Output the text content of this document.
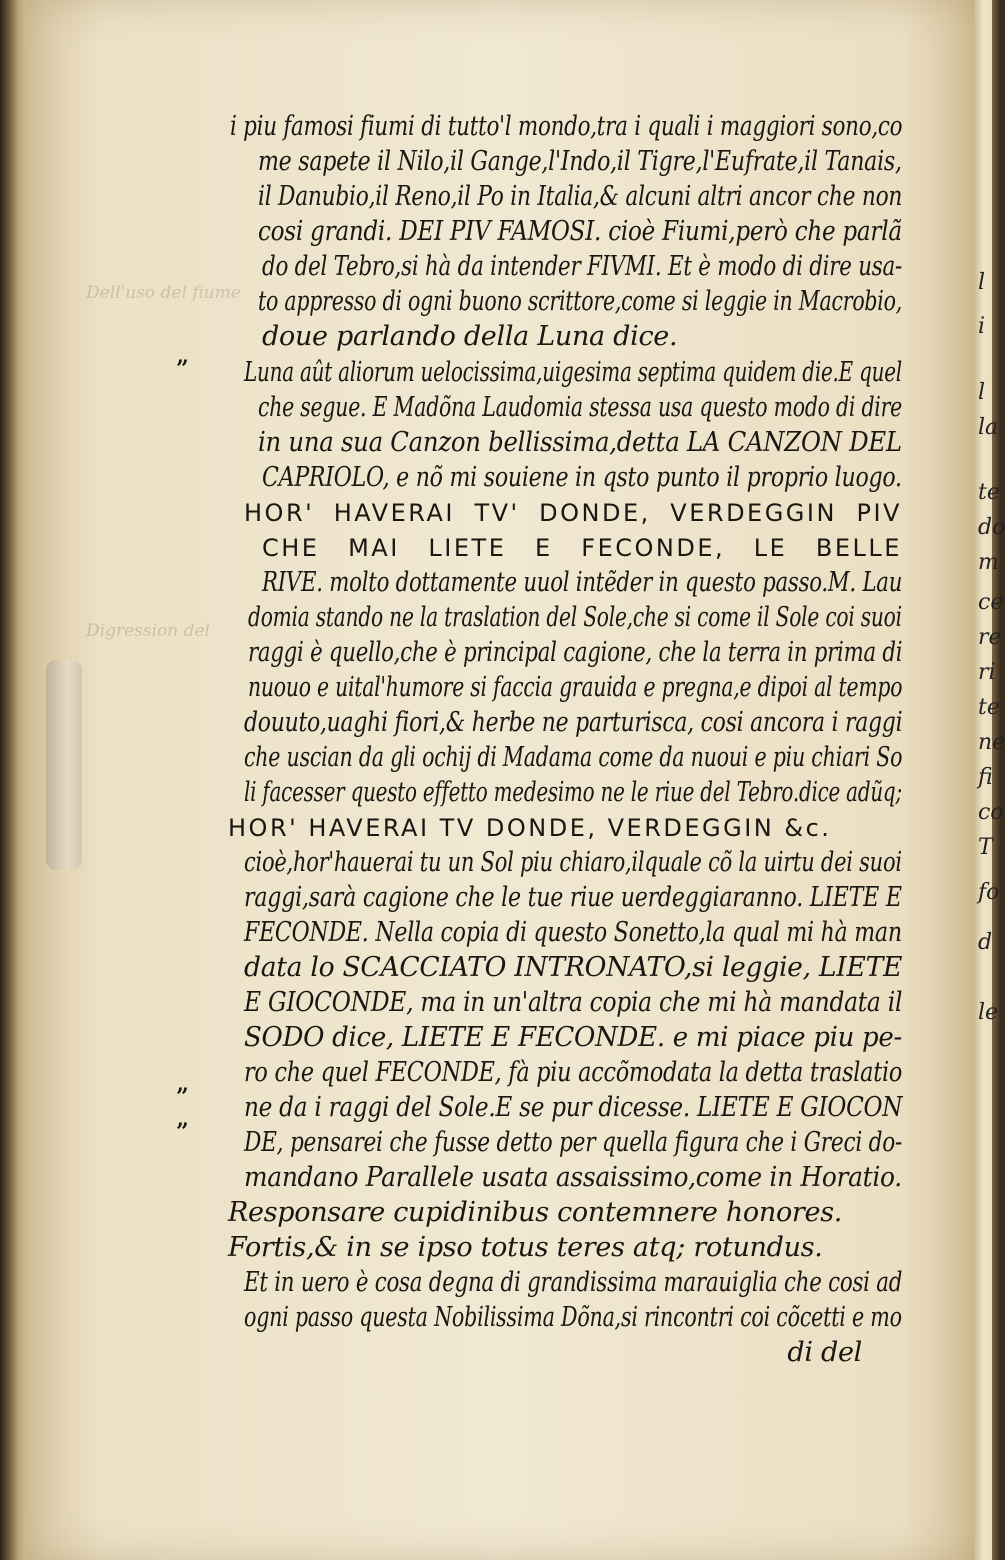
l
i
l
la
te
do
m
ce
re
ri
te
ne
fi
co
T
fo
d
le
Dell'uso del fiume
Digression del
”
”
”
i piu famosi fiumi di tutto'l mondo,tra i quali i maggiori sono,co
me sapete il Nilo,il Gange,l'Indo,il Tigre,l'Eufrate,il Tanais,
il Danubio,il Reno,il Po in Italia,& alcuni altri ancor che non
cosi grandi. DEI PIV FAMOSI. cioè Fiumi,però che parlã
do del Tebro,si hà da intender FIVMI. Et è modo di dire usa-
to appresso di ogni buono scrittore,come si leggie in Macrobio,
doue parlando della Luna dice.
Luna aût aliorum uelocissima,uigesima septima quidem die.E quel
che segue. E Madõna Laudomia stessa usa questo modo di dire
in una sua Canzon bellissima,detta LA CANZON DEL
CAPRIOLO, e nõ mi souiene in qsto punto il proprio luogo.
HOR' HAVERAI TV' DONDE, VERDEGGIN PIV
CHE MAI LIETE E FECONDE, LE BELLE
RIVE. molto dottamente uuol intẽder in questo passo.M. Lau
domia stando ne la traslation del Sole,che si come il Sole coi suoi
raggi è quello,che è principal cagione, che la terra in prima di
nuouo e uital'humore si faccia grauida e pregna,e dipoi al tempo
douuto,uaghi fiori,& herbe ne parturisca, cosi ancora i raggi
che uscian da gli ochij di Madama come da nuoui e piu chiari So
li facesser questo effetto medesimo ne le riue del Tebro.dice adũq;
HOR' HAVERAI TV DONDE, VERDEGGIN &c.
cioè,hor'hauerai tu un Sol piu chiaro,ilquale cõ la uirtu dei suoi
raggi,sarà cagione che le tue riue uerdeggiaranno. LIETE E
FECONDE. Nella copia di questo Sonetto,la qual mi hà man
data lo SCACCIATO INTRONATO,si leggie, LIETE
E GIOCONDE, ma in un'altra copia che mi hà mandata il
SODO dice, LIETE E FECONDE. e mi piace piu pe-
ro che quel FECONDE, fà piu accõmodata la detta traslatio
ne da i raggi del Sole.E se pur dicesse. LIETE E GIOCON
DE, pensarei che fusse detto per quella figura che i Greci do-
mandano Parallele usata assaissimo,come in Horatio.
Responsare cupidinibus contemnere honores.
Fortis,& in se ipso totus teres atq; rotundus.
Et in uero è cosa degna di grandissima marauiglia che cosi ad
ogni passo questa Nobilissima Dõna,si rincontri coi cõcetti e mo
di del
